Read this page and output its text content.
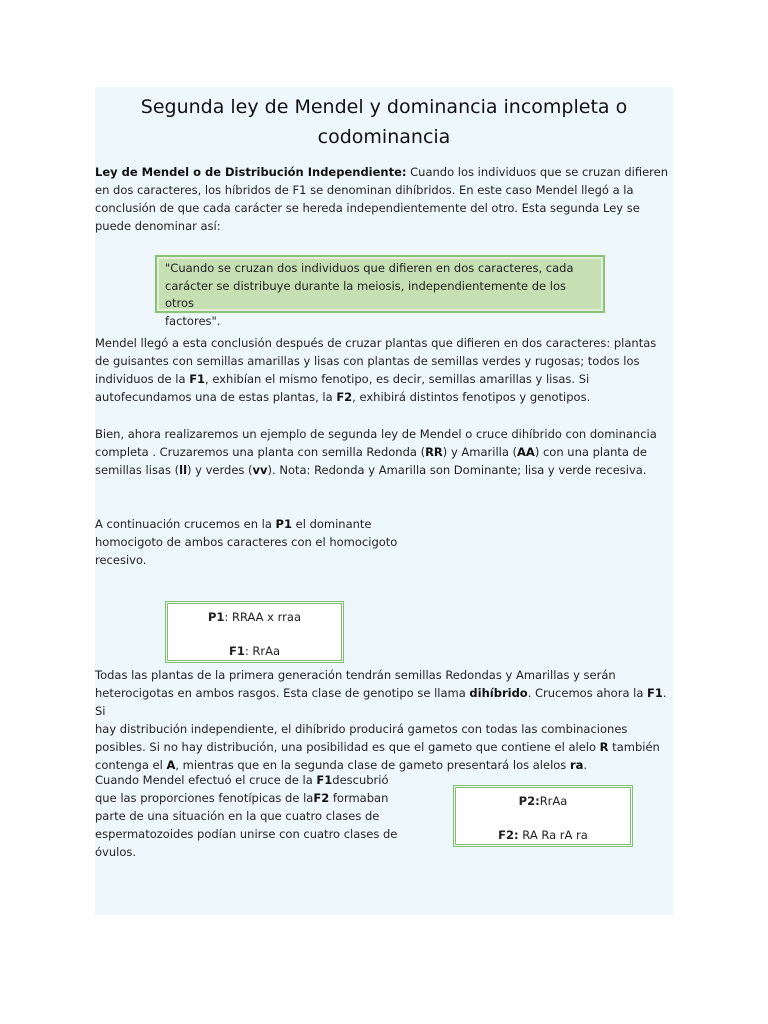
Segunda ley de Mendel y dominancia incompleta o
codominancia
Ley de Mendel o de Distribución Independiente: Cuando los individuos que se cruzan difieren
en dos caracteres, los híbridos de F1 se denominan dihíbridos. En este caso Mendel llegó a la
conclusión de que cada carácter se hereda independientemente del otro. Esta segunda Ley se
puede denominar así:
"Cuando se cruzan dos individuos que difieren en dos caracteres, cada
carácter se distribuye durante la meiosis, independientemente de los otros
factores".
Mendel llegó a esta conclusión después de cruzar plantas que difieren en dos caracteres: plantas
de guisantes con semillas amarillas y lisas con plantas de semillas verdes y rugosas; todos los
individuos de la F1, exhibían el mismo fenotipo, es decir, semillas amarillas y lisas. Si
autofecundamos una de estas plantas, la F2, exhibirá distintos fenotipos y genotipos.
Bien, ahora realizaremos un ejemplo de segunda ley de Mendel o cruce dihíbrido con dominancia
completa . Cruzaremos una planta con semilla Redonda (RR) y Amarilla (AA) con una planta de
semillas lisas (ll) y verdes (vv). Nota: Redonda y Amarilla son Dominante; lisa y verde recesiva.
A continuación crucemos en la P1 el dominante
homocigoto de ambos caracteres con el homocigoto
recesivo.
P1: RRAA x rraa
F1: RrAa
Todas las plantas de la primera generación tendrán semillas Redondas y Amarillas y serán
heterocigotas en ambos rasgos. Esta clase de genotipo se llama dihíbrido. Crucemos ahora la F1. Si
hay distribución independiente, el dihíbrido producirá gametos con todas las combinaciones
posibles. Si no hay distribución, una posibilidad es que el gameto que contiene el alelo R también
contenga el A, mientras que en la segunda clase de gameto presentará los alelos ra.
Cuando Mendel efectuó el cruce de la F1descubrió
que las proporciones fenotípicas de laF2 formaban
parte de una situación en la que cuatro clases de
espermatozoides podían unirse con cuatro clases de
óvulos.
P2:RrAa
F2: RA Ra rA ra
